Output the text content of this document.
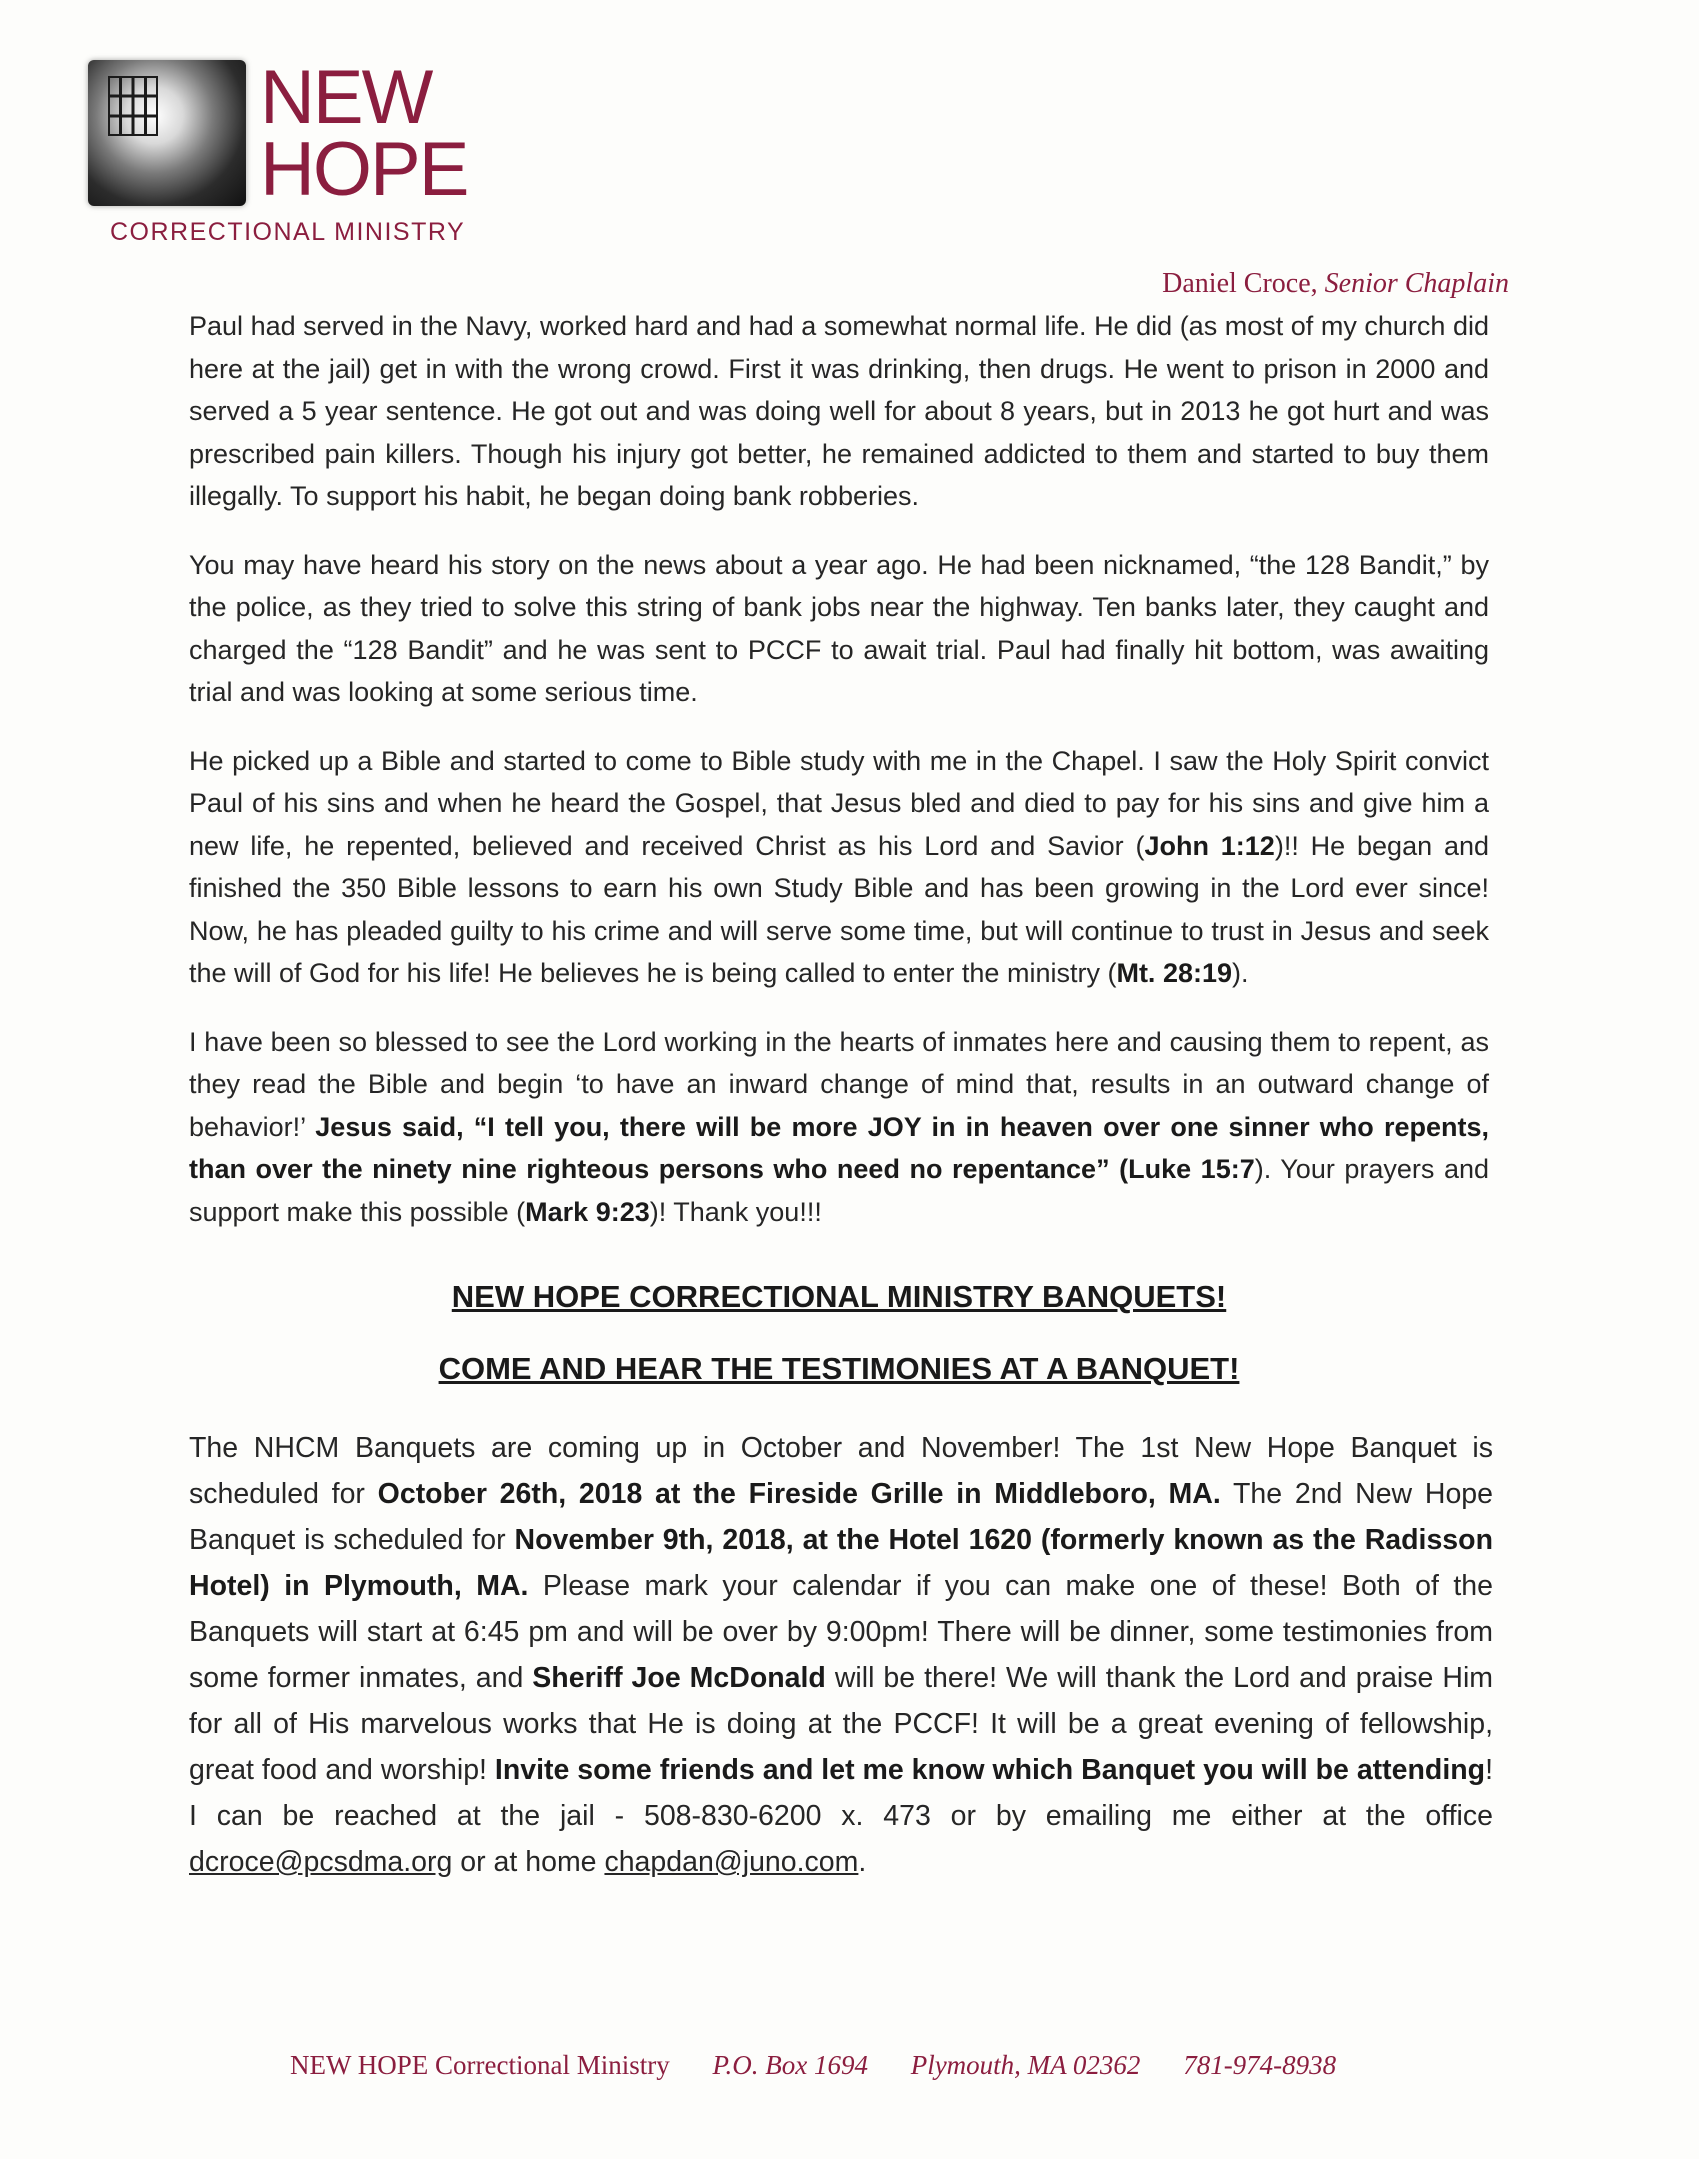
NEW
HOPE
CORRECTIONAL MINISTRY
Daniel Croce, Senior Chaplain

Paul had served in the Navy, worked hard and had a somewhat normal life. He did (as most of my church did here at the jail) get in with the wrong crowd. First it was drinking, then drugs. He went to prison in 2000 and served a 5 year sentence. He got out and was doing well for about 8 years, but in 2013 he got hurt and was prescribed pain killers. Though his injury got better, he remained addicted to them and started to buy them illegally. To support his habit, he began doing bank robberies.

You may have heard his story on the news about a year ago. He had been nicknamed, “the 128 Bandit,” by the police, as they tried to solve this string of bank jobs near the highway. Ten banks later, they caught and charged the “128 Bandit” and he was sent to PCCF to await trial. Paul had finally hit bottom, was awaiting trial and was looking at some serious time.

He picked up a Bible and started to come to Bible study with me in the Chapel. I saw the Holy Spirit convict Paul of his sins and when he heard the Gospel, that Jesus bled and died to pay for his sins and give him a new life, he repented, believed and received Christ as his Lord and Savior (John 1:12)!! He began and finished the 350 Bible lessons to earn his own Study Bible and has been growing in the Lord ever since! Now, he has pleaded guilty to his crime and will serve some time, but will continue to trust in Jesus and seek the will of God for his life! He believes he is being called to enter the ministry (Mt. 28:19).

I have been so blessed to see the Lord working in the hearts of inmates here and causing them to repent, as they read the Bible and begin ‘to have an inward change of mind that, results in an outward change of behavior!’ Jesus said, “I tell you, there will be more JOY in in heaven over one sinner who repents, than over the ninety nine righteous persons who need no repentance” (Luke 15:7). Your prayers and support make this possible (Mark 9:23)! Thank you!!!

NEW HOPE CORRECTIONAL MINISTRY BANQUETS!
COME AND HEAR THE TESTIMONIES AT A BANQUET!

The NHCM Banquets are coming up in October and November! The 1st New Hope Banquet is scheduled for October 26th, 2018 at the Fireside Grille in Middleboro, MA. The 2nd New Hope Banquet is scheduled for November 9th, 2018, at the Hotel 1620 (formerly known as the Radisson Hotel) in Plymouth, MA. Please mark your calendar if you can make one of these! Both of the Banquets will start at 6:45 pm and will be over by 9:00pm! There will be dinner, some testimonies from some former inmates, and Sheriff Joe McDonald will be there! We will thank the Lord and praise Him for all of His marvelous works that He is doing at the PCCF! It will be a great evening of fellowship, great food and worship! Invite some friends and let me know which Banquet you will be attending! I can be reached at the jail - 508-830-6200 x. 473 or by emailing me either at the office dcroce@pcsdma.org or at home chapdan@juno.com.

NEW HOPE Correctional Ministry P.O. Box 1694 Plymouth, MA 02362 781-974-8938
